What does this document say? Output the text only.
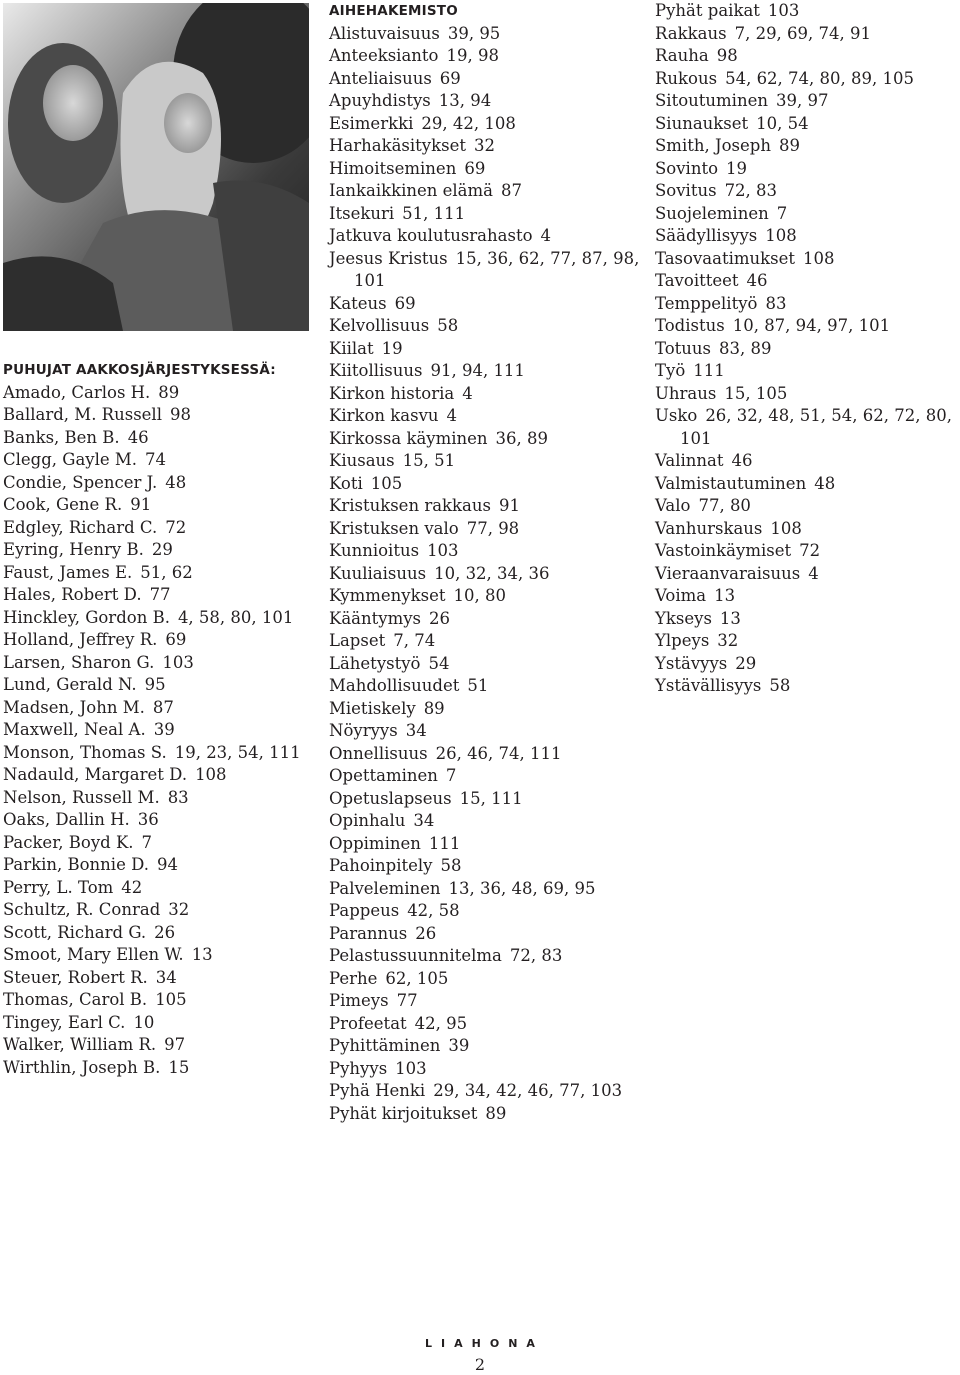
PUHUJAT AAKKOSJÄRJESTYKSESSÄ:
Amado, Carlos H. 89
Ballard, M. Russell 98
Banks, Ben B. 46
Clegg, Gayle M. 74
Condie, Spencer J. 48
Cook, Gene R. 91
Edgley, Richard C. 72
Eyring, Henry B. 29
Faust, James E. 51, 62
Hales, Robert D. 77
Hinckley, Gordon B. 4, 58, 80, 101
Holland, Jeffrey R. 69
Larsen, Sharon G. 103
Lund, Gerald N. 95
Madsen, John M. 87
Maxwell, Neal A. 39
Monson, Thomas S. 19, 23, 54, 111
Nadauld, Margaret D. 108
Nelson, Russell M. 83
Oaks, Dallin H. 36
Packer, Boyd K. 7
Parkin, Bonnie D. 94
Perry, L. Tom 42
Schultz, R. Conrad 32
Scott, Richard G. 26
Smoot, Mary Ellen W. 13
Steuer, Robert R. 34
Thomas, Carol B. 105
Tingey, Earl C. 10
Walker, William R. 97
Wirthlin, Joseph B. 15
AIHEHAKEMISTO
Alistuvaisuus 39, 95
Anteeksianto 19, 98
Anteliaisuus 69
Apuyhdistys 13, 94
Esimerkki 29, 42, 108
Harhakäsitykset 32
Himoitseminen 69
Iankaikkinen elämä 87
Itsekuri 51, 111
Jatkuva koulutusrahasto 4
Jeesus Kristus 15, 36, 62, 77, 87, 98, 101
Kateus 69
Kelvollisuus 58
Kiilat 19
Kiitollisuus 91, 94, 111
Kirkon historia 4
Kirkon kasvu 4
Kirkossa käyminen 36, 89
Kiusaus 15, 51
Koti 105
Kristuksen rakkaus 91
Kristuksen valo 77, 98
Kunnioitus 103
Kuuliaisuus 10, 32, 34, 36
Kymmenykset 10, 80
Kääntymys 26
Lapset 7, 74
Lähetystyö 54
Mahdollisuudet 51
Mietiskely 89
Nöyryys 34
Onnellisuus 26, 46, 74, 111
Opettaminen 7
Opetuslapseus 15, 111
Opinhalu 34
Oppiminen 111
Pahoinpitely 58
Palveleminen 13, 36, 48, 69, 95
Pappeus 42, 58
Parannus 26
Pelastussuunnitelma 72, 83
Perhe 62, 105
Pimeys 77
Profeetat 42, 95
Pyhittäminen 39
Pyhyys 103
Pyhä Henki 29, 34, 42, 46, 77, 103
Pyhät kirjoitukset 89
Pyhät paikat 103
Rakkaus 7, 29, 69, 74, 91
Rauha 98
Rukous 54, 62, 74, 80, 89, 105
Sitoutuminen 39, 97
Siunaukset 10, 54
Smith, Joseph 89
Sovinto 19
Sovitus 72, 83
Suojeleminen 7
Säädyllisyys 108
Tasovaatimukset 108
Tavoitteet 46
Temppelityö 83
Todistus 10, 87, 94, 97, 101
Totuus 83, 89
Työ 111
Uhraus 15, 105
Usko 26, 32, 48, 51, 54, 62, 72, 80, 101
Valinnat 46
Valmistautuminen 48
Valo 77, 80
Vanhurskaus 108
Vastoinkäymiset 72
Vieraanvaraisuus 4
Voima 13
Ykseys 13
Ylpeys 32
Ystävyys 29
Ystävällisyys 58
LIAHONA
2
